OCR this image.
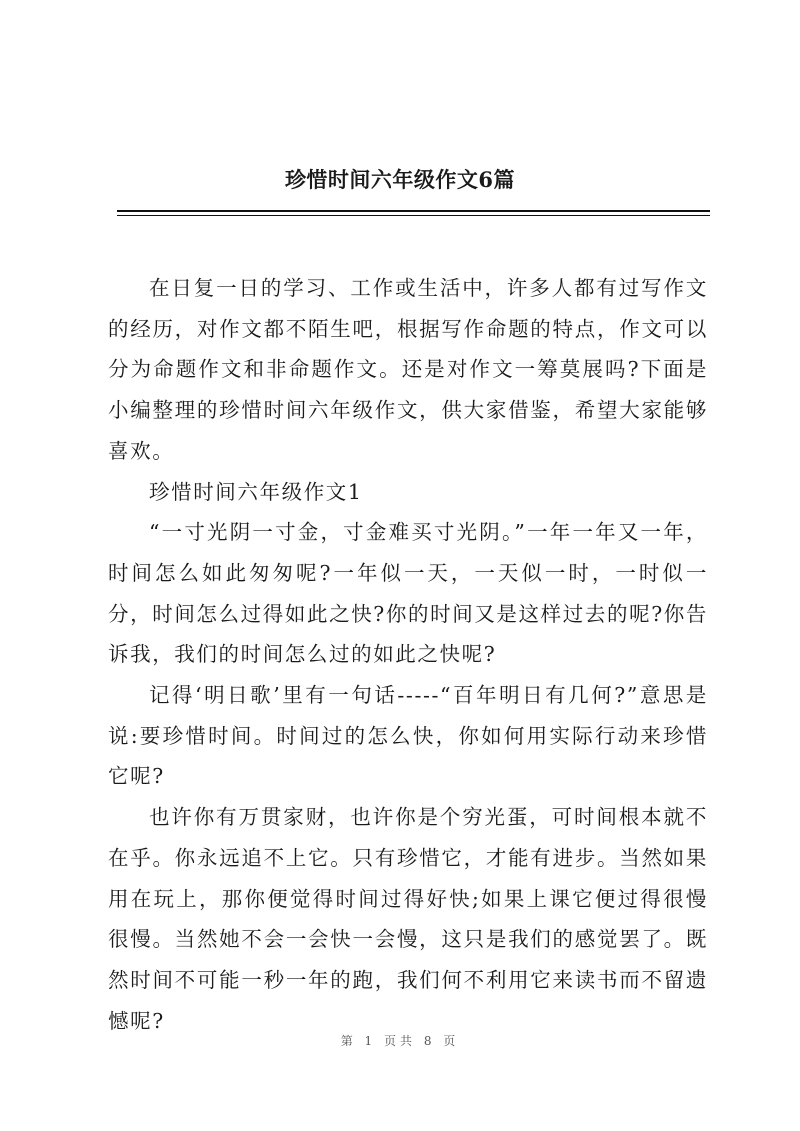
珍惜时间六年级作文6篇

在日复一日的学习、工作或生活中，许多人都有过写作文的经历，对作文都不陌生吧，根据写作命题的特点，作文可以分为命题作文和非命题作文。还是对作文一筹莫展吗?下面是小编整理的珍惜时间六年级作文，供大家借鉴，希望大家能够喜欢。

珍惜时间六年级作文1

“一寸光阴一寸金，寸金难买寸光阴。”一年一年又一年，时间怎么如此匆匆呢?一年似一天，一天似一时，一时似一分，时间怎么过得如此之快?你的时间又是这样过去的呢?你告诉我，我们的时间怎么过的如此之快呢?

记得‘明日歌’里有一句话-----“百年明日有几何?”意思是说:要珍惜时间。时间过的怎么快，你如何用实际行动来珍惜它呢?

也许你有万贯家财，也许你是个穷光蛋，可时间根本就不在乎。你永远追不上它。只有珍惜它，才能有进步。当然如果用在玩上，那你便觉得时间过得好快;如果上课它便过得很慢很慢。当然她不会一会快一会慢，这只是我们的感觉罢了。既然时间不可能一秒一年的跑，我们何不利用它来读书而不留遗憾呢?

第 1 页共 8 页
